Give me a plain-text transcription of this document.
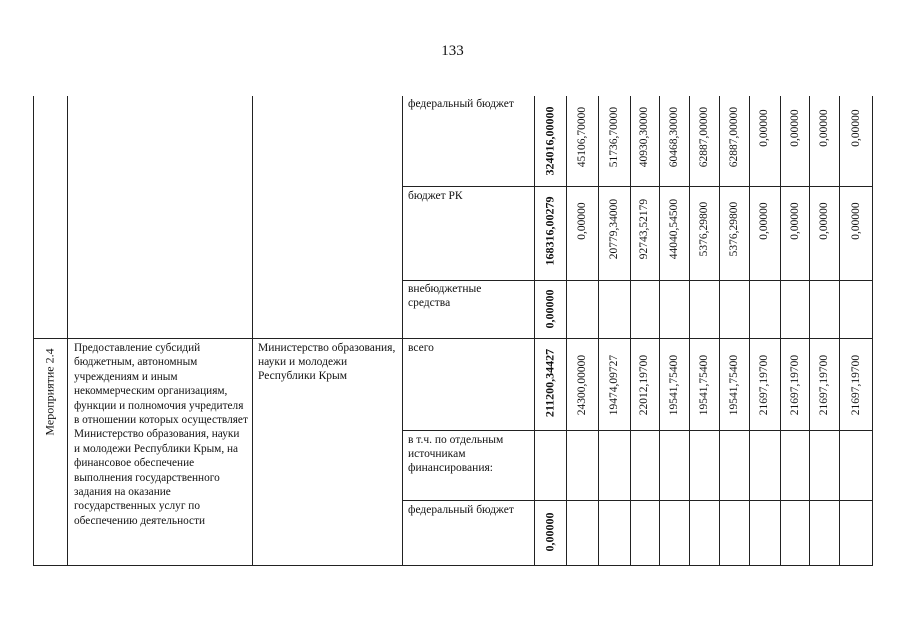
133
федеральный бюджет
324016,00000 45106,70000 51736,70000 40930,30000 60468,30000 62887,00000 62887,00000 0,00000 0,00000 0,00000 0,00000
бюджет РК
168316,00279 0,00000 20779,34000 92743,52179 44040,54500 5376,29800 5376,29800 0,00000 0,00000 0,00000 0,00000
внебюджетные средства	0,00000
Мероприятие 2.4
Предоставление субсидий бюджетным, автономным учреждениям и иным некоммерческим организациям, функции и полномочия учредителя в отношении которых осуществляет Министерство образования, науки и молодежи Республики Крым, на финансовое обеспечение выполнения государственного задания на оказание государственных услуг по обеспечению деятельности
Министерство образования, науки и молодежи Республики Крым
всего
211200,34427 24300,00000 19474,09727 22012,19700 19541,75400 19541,75400 19541,75400 21697,19700 21697,19700 21697,19700 21697,19700
в т.ч. по отдельным источникам финансирования:
федеральный бюджет
0,00000
